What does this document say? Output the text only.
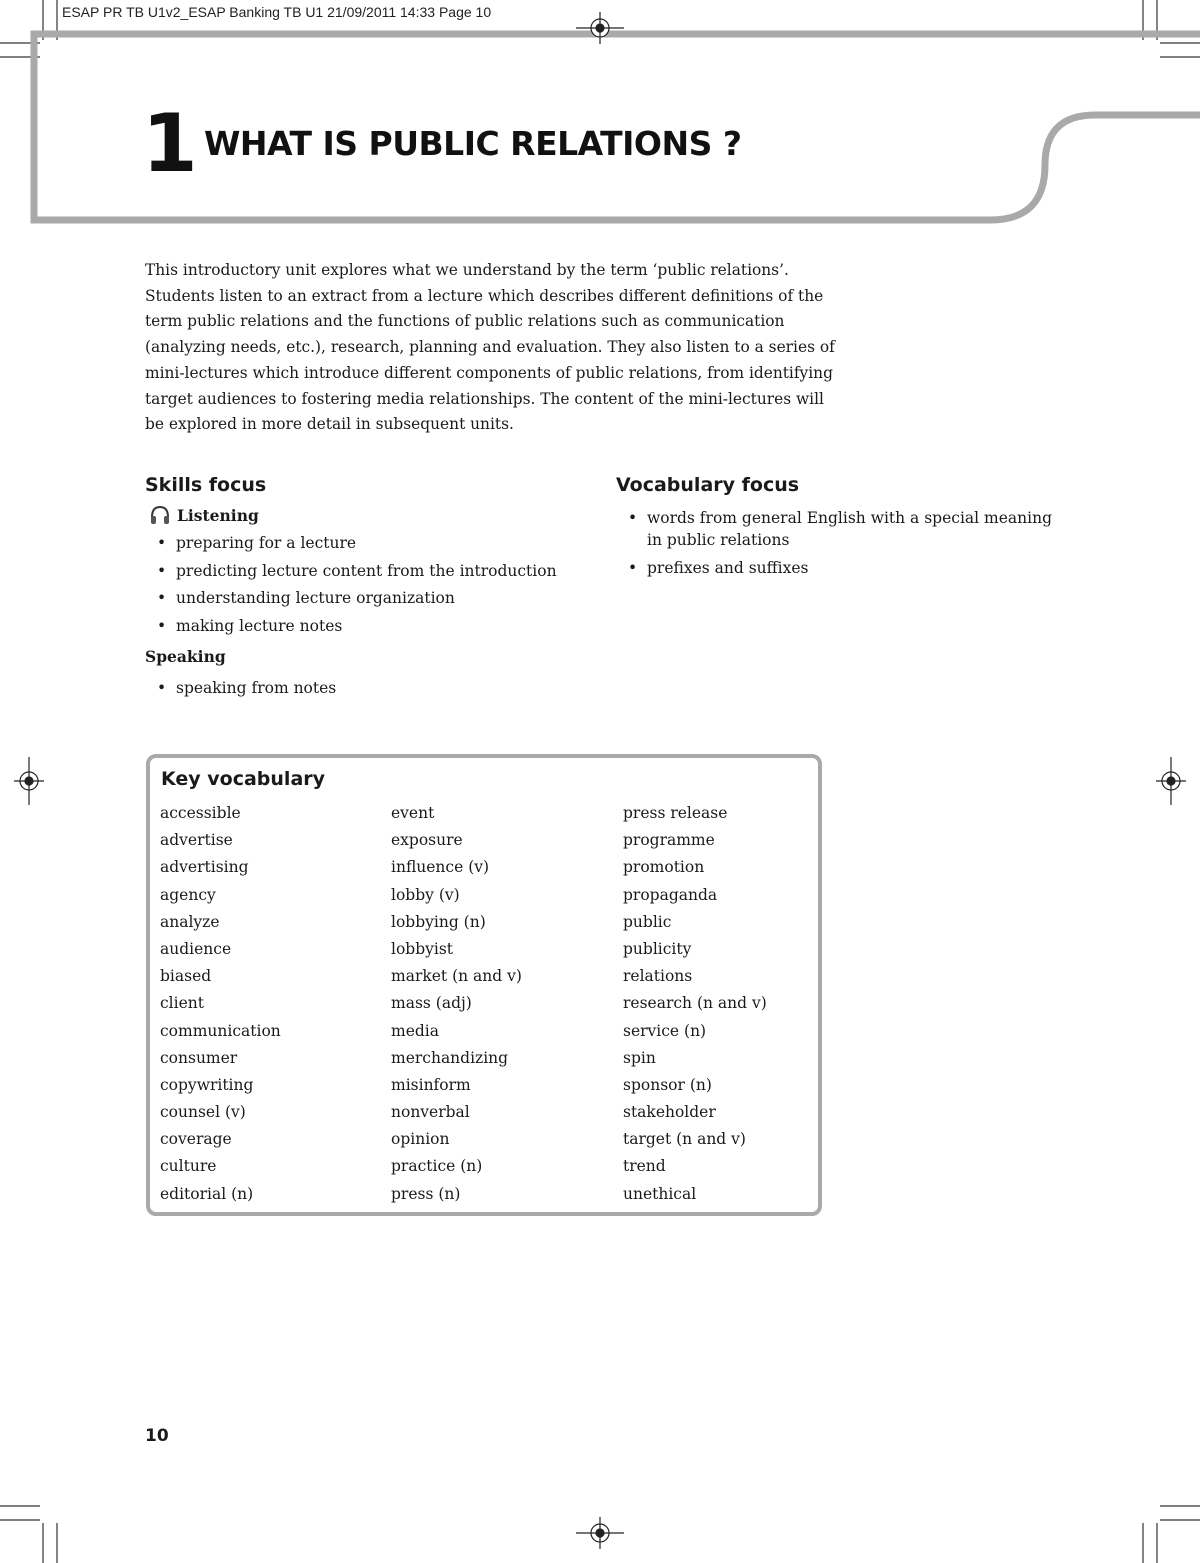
ESAP PR TB U1v2_ESAP Banking TB U1 21/09/2011 14:33 Page 10
1 WHAT IS PUBLIC RELATIONS ?

This introductory unit explores what we understand by the term ‘public relations’. Students listen to an extract from a lecture which describes different definitions of the term public relations and the functions of public relations such as communication (analyzing needs, etc.), research, planning and evaluation. They also listen to a series of mini-lectures which introduce different components of public relations, from identifying target audiences to fostering media relationships. The content of the mini-lectures will be explored in more detail in subsequent units.

Skills focus
Listening
• preparing for a lecture
• predicting lecture content from the introduction
• understanding lecture organization
• making lecture notes
Speaking
• speaking from notes
Vocabulary focus
• words from general English with a special meaning in public relations
• prefixes and suffixes
Key vocabulary
accessible
advertise
advertising
agency
analyze
audience
biased
client
communication
consumer
copywriting
counsel (v)
coverage
culture
editorial (n)
event
exposure
influence (v)
lobby (v)
lobbying (n)
lobbyist
market (n and v)
mass (adj)
media
merchandizing
misinform
nonverbal
opinion
practice (n)
press (n)
press release
programme
promotion
propaganda
public
publicity
relations
research (n and v)
service (n)
spin
sponsor (n)
stakeholder
target (n and v)
trend
unethical
10
